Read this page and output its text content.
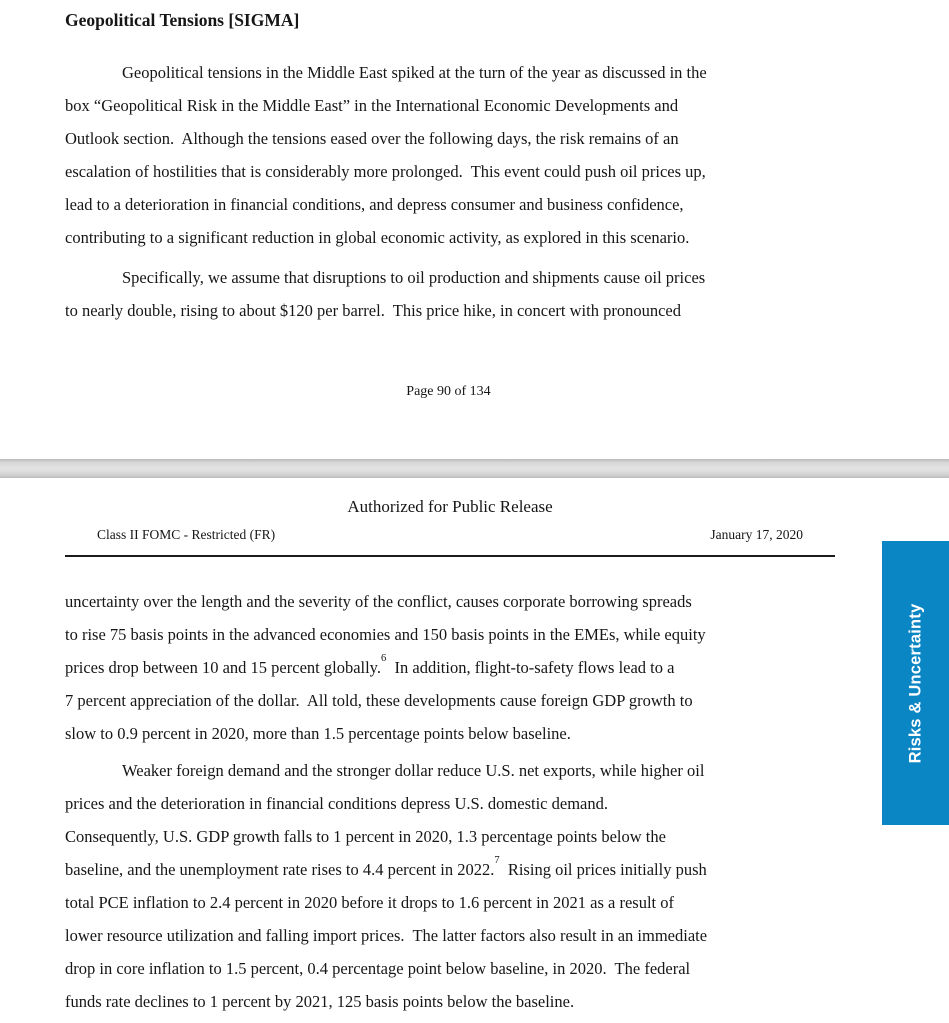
Geopolitical Tensions [SIGMA]
Geopolitical tensions in the Middle East spiked at the turn of the year as discussed in the
box “Geopolitical Risk in the Middle East” in the International Economic Developments and
Outlook section.  Although the tensions eased over the following days, the risk remains of an
escalation of hostilities that is considerably more prolonged.  This event could push oil prices up,
lead to a deterioration in financial conditions, and depress consumer and business confidence,
contributing to a significant reduction in global economic activity, as explored in this scenario.
Specifically, we assume that disruptions to oil production and shipments cause oil prices
to nearly double, rising to about $120 per barrel.  This price hike, in concert with pronounced
Page 90 of 134
Authorized for Public Release
Class II FOMC - Restricted (FR)	January 17, 2020
uncertainty over the length and the severity of the conflict, causes corporate borrowing spreads
to rise 75 basis points in the advanced economies and 150 basis points in the EMEs, while equity
prices drop between 10 and 15 percent globally.$^6$  In addition, flight-to-safety flows lead to a
7 percent appreciation of the dollar.  All told, these developments cause foreign GDP growth to
slow to 0.9 percent in 2020, more than 1.5 percentage points below baseline.
Weaker foreign demand and the stronger dollar reduce U.S. net exports, while higher oil
prices and the deterioration in financial conditions depress U.S. domestic demand.
Consequently, U.S. GDP growth falls to 1 percent in 2020, 1.3 percentage points below the
baseline, and the unemployment rate rises to 4.4 percent in 2022.$^7$  Rising oil prices initially push
total PCE inflation to 2.4 percent in 2020 before it drops to 1.6 percent in 2021 as a result of
lower resource utilization and falling import prices.  The latter factors also result in an immediate
drop in core inflation to 1.5 percent, 0.4 percentage point below baseline, in 2020.  The federal
funds rate declines to 1 percent by 2021, 125 basis points below the baseline.
Risks & Uncertainty
